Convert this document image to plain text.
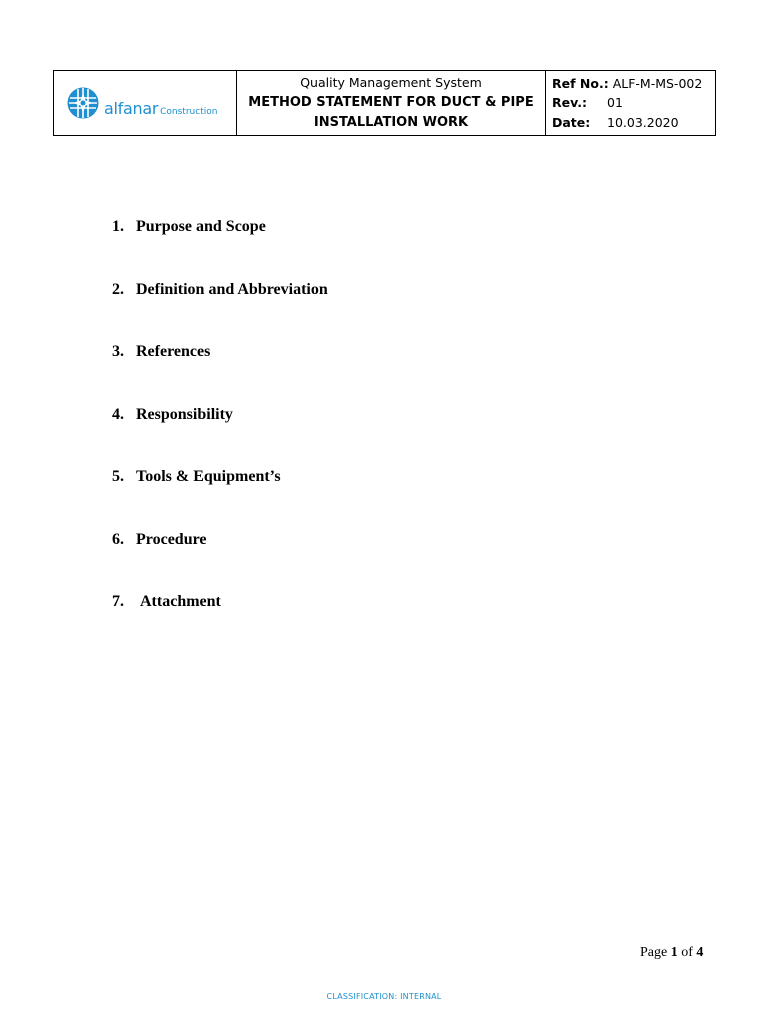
alfanar Construction
Quality Management System
METHOD STATEMENT FOR DUCT & PIPE
INSTALLATION WORK
Ref No.: ALF-M-MS-002
Rev.:	01
Date:	10.03.2020
1. Purpose and Scope
2. Definition and Abbreviation
3. References
4. Responsibility
5. Tools & Equipment’s
6. Procedure
7.	Attachment
Page 1 of 4
CLASSIFICATION: INTERNAL
